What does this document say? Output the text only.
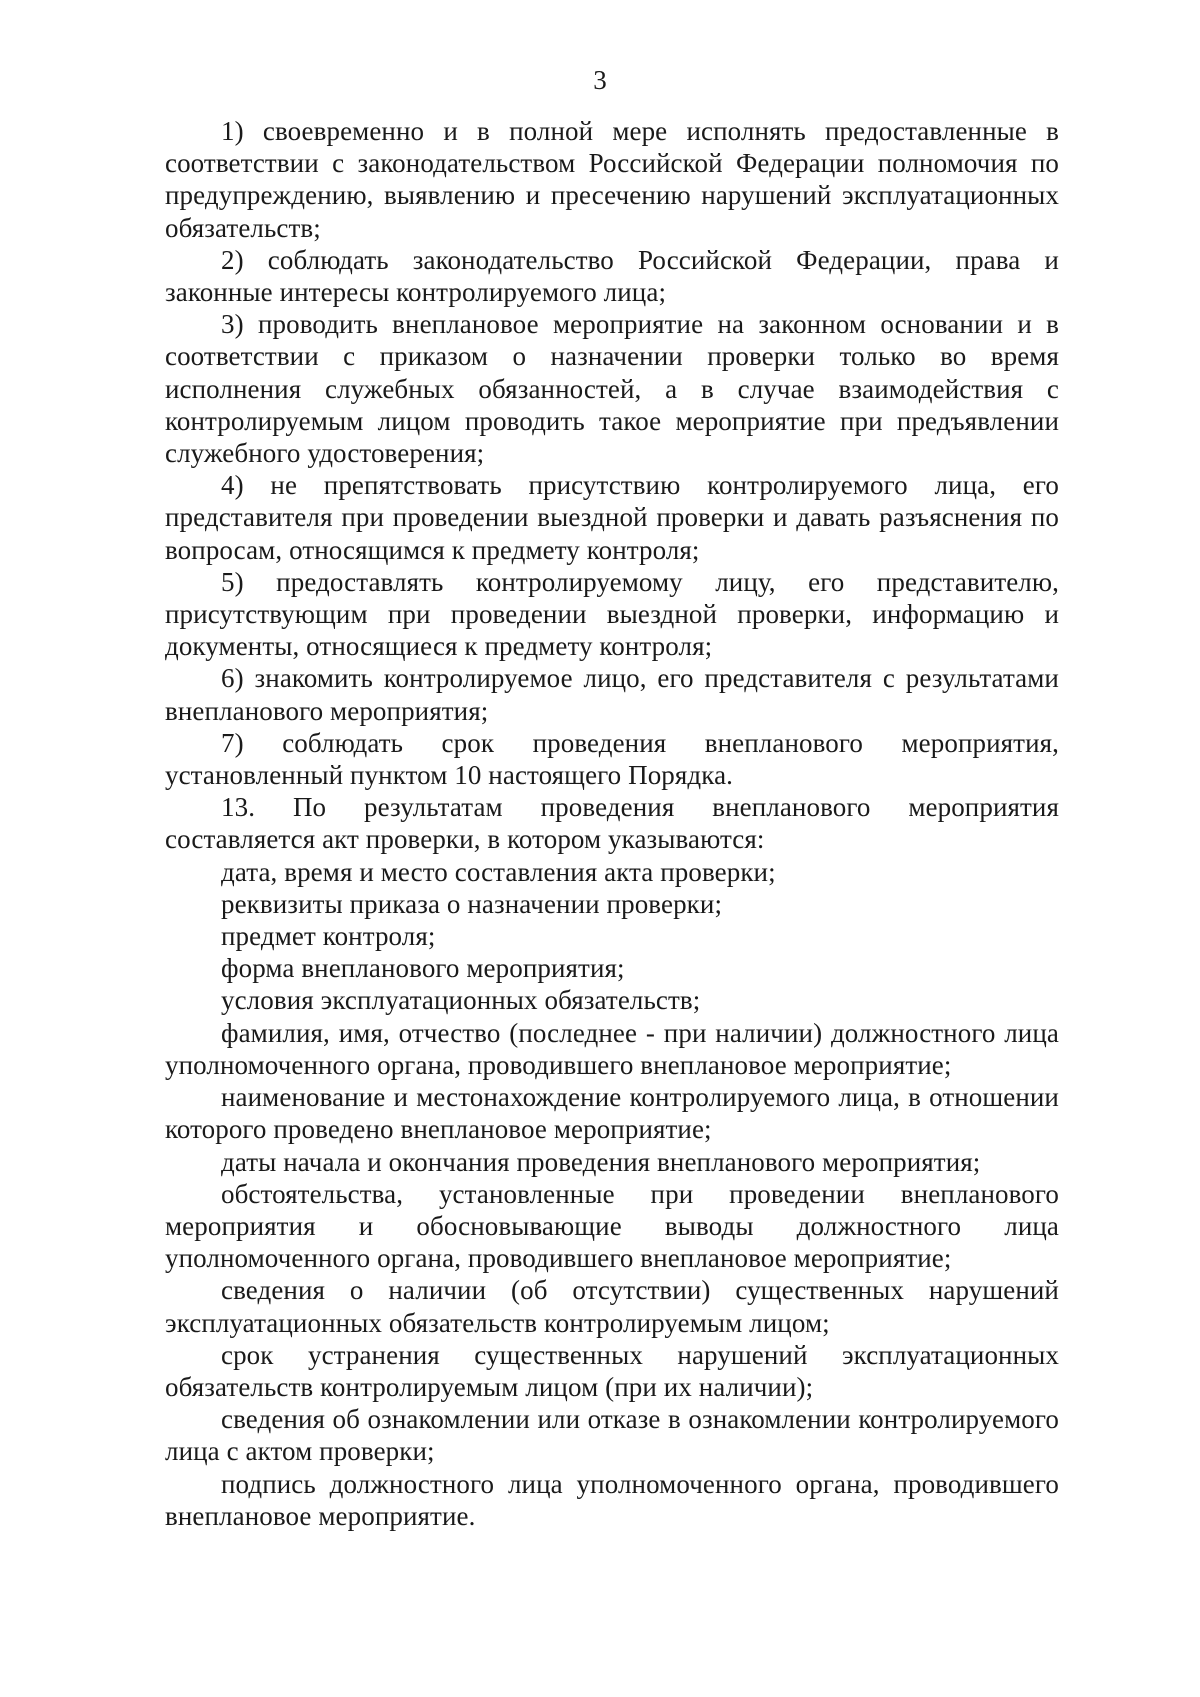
3

1) своевременно и в полной мере исполнять предоставленные в соответствии с законодательством Российской Федерации полномочия по предупреждению, выявлению и пресечению нарушений эксплуатационных обязательств;

2) соблюдать законодательство Российской Федерации, права и законные интересы контролируемого лица;

3) проводить внеплановое мероприятие на законном основании и в соответствии с приказом о назначении проверки только во время исполнения служебных обязанностей, а в случае взаимодействия с контролируемым лицом проводить такое мероприятие при предъявлении служебного удостоверения;

4) не препятствовать присутствию контролируемого лица, его представителя при проведении выездной проверки и давать разъяснения по вопросам, относящимся к предмету контроля;

5) предоставлять контролируемому лицу, его представителю, присутствующим при проведении выездной проверки, информацию и документы, относящиеся к предмету контроля;

6) знакомить контролируемое лицо, его представителя с результатами внепланового мероприятия;

7) соблюдать срок проведения внепланового мероприятия, установленный пунктом 10 настоящего Порядка.

13. По результатам проведения внепланового мероприятия составляется акт проверки, в котором указываются:

дата, время и место составления акта проверки;

реквизиты приказа о назначении проверки;

предмет контроля;

форма внепланового мероприятия;

условия эксплуатационных обязательств;

фамилия, имя, отчество (последнее - при наличии) должностного лица уполномоченного органа, проводившего внеплановое мероприятие;

наименование и местонахождение контролируемого лица, в отношении которого проведено внеплановое мероприятие;

даты начала и окончания проведения внепланового мероприятия;

обстоятельства, установленные при проведении внепланового мероприятия и обосновывающие выводы должностного лица уполномоченного органа, проводившего внеплановое мероприятие;

сведения о наличии (об отсутствии) существенных нарушений эксплуатационных обязательств контролируемым лицом;

срок устранения существенных нарушений эксплуатационных обязательств контролируемым лицом (при их наличии);

сведения об ознакомлении или отказе в ознакомлении контролируемого лица с актом проверки;

подпись должностного лица уполномоченного органа, проводившего внеплановое мероприятие.
